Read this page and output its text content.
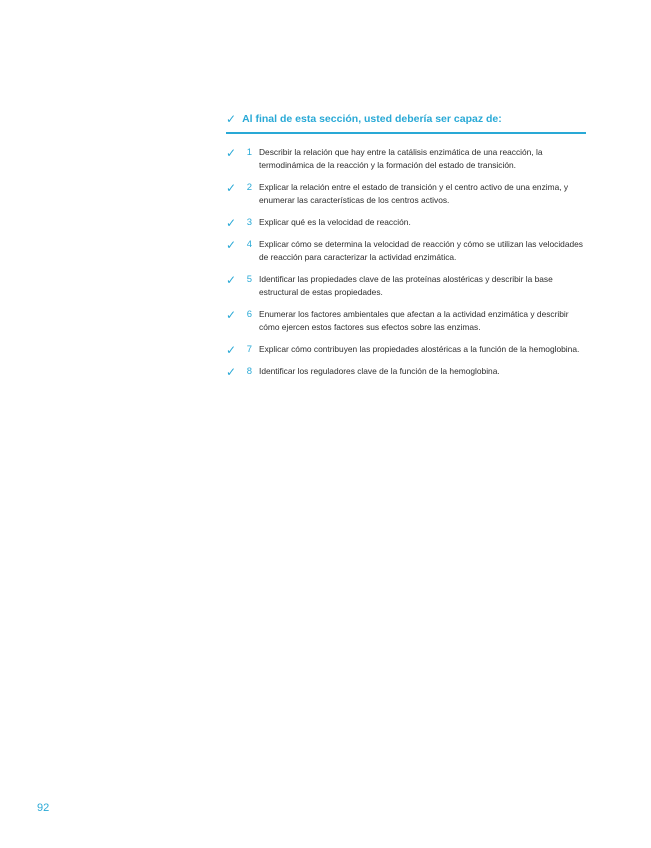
✓ Al final de esta sección, usted debería ser capaz de:
✓	1 Describir la relación que hay entre la catálisis enzimática de una reacción, la termodinámica de la reacción y la formación del estado de transición.
✓	2 Explicar la relación entre el estado de transición y el centro activo de una enzima, y enumerar las características de los centros activos.
✓	3 Explicar qué es la velocidad de reacción.
✓	4 Explicar cómo se determina la velocidad de reacción y cómo se utilizan las velocidades de reacción para caracterizar la actividad enzimática.
✓	5 Identificar las propiedades clave de las proteínas alostéricas y describir la base estructural de estas propiedades.
✓	6 Enumerar los factores ambientales que afectan a la actividad enzimática y describir cómo ejercen estos factores sus efectos sobre las enzimas.
✓	7 Explicar cómo contribuyen las propiedades alostéricas a la función de la hemoglobina.
✓	8 Identificar los reguladores clave de la función de la hemoglobina.
92
